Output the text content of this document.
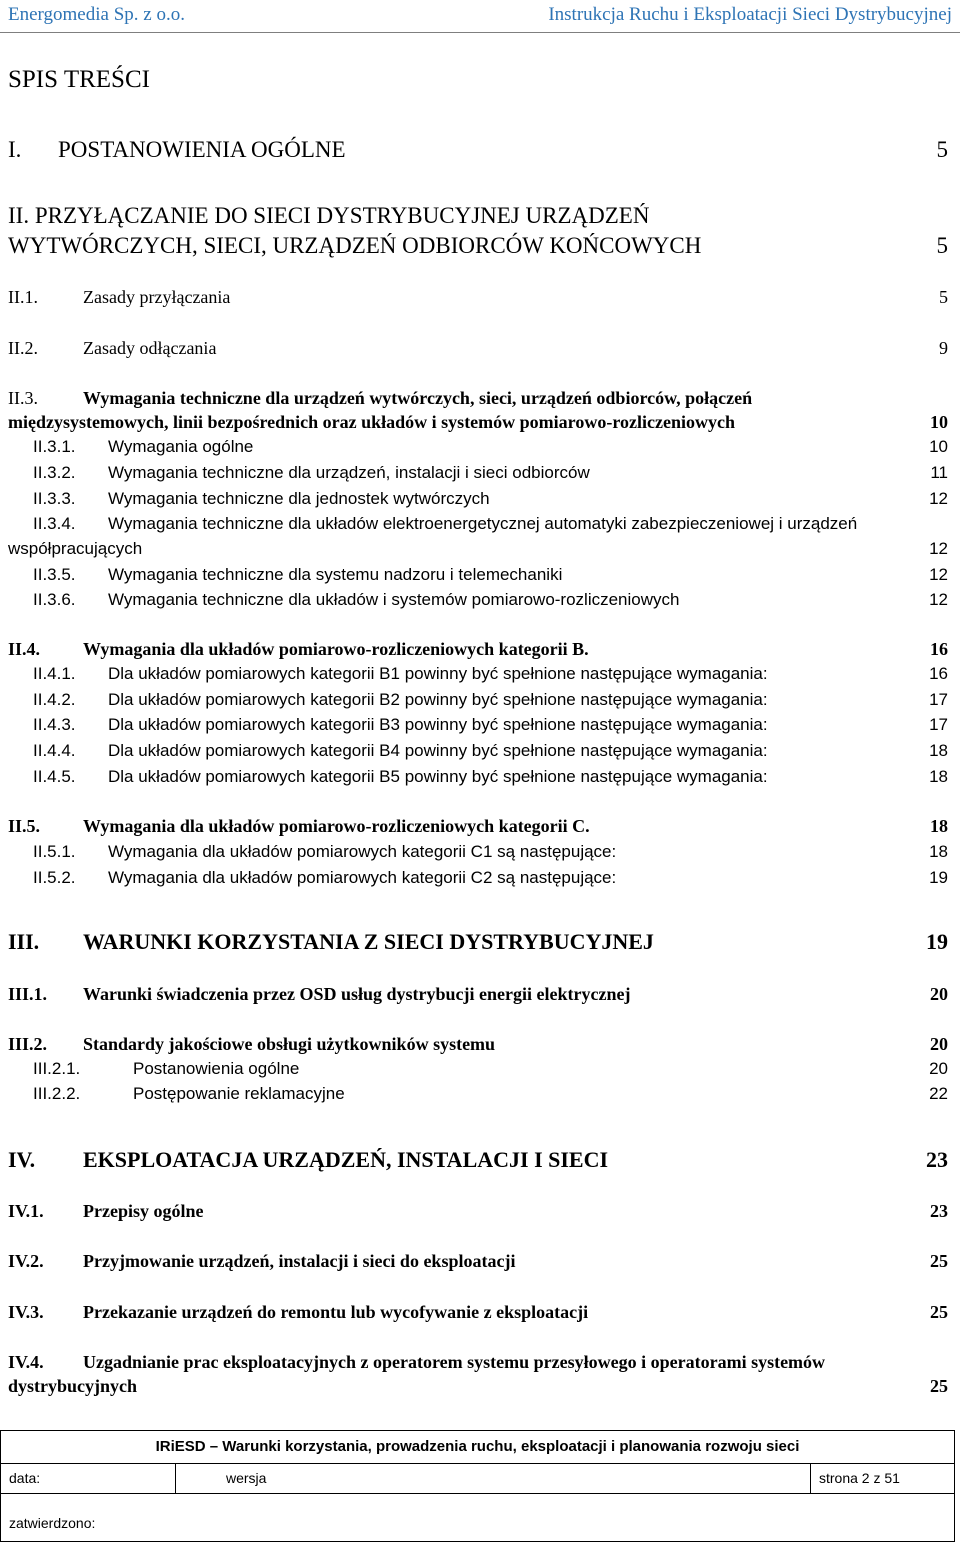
Energomedia Sp. z o.o.	Instrukcja Ruchu i Eksploatacji Sieci Dystrybucyjnej
SPIS TREŚCI
I. POSTANOWIENIA OGÓLNE	5
II. PRZYŁĄCZANIE DO SIECI DYSTRYBUCYJNEJ URZĄDZEŃ
WYTWÓRCZYCH, SIECI, URZĄDZEŃ ODBIORCÓW KOŃCOWYCH	5
II.1.	Zasady przyłączania	5
II.2.	Zasady odłączania	9
II.3.	Wymagania techniczne dla urządzeń wytwórczych, sieci, urządzeń odbiorców, połączeń
międzysystemowych, linii bezpośrednich oraz układów i systemów pomiarowo-rozliczeniowych	10
II.3.1. Wymagania ogólne	10
II.3.2. Wymagania techniczne dla urządzeń, instalacji i sieci odbiorców	11
II.3.3. Wymagania techniczne dla jednostek wytwórczych	12
II.3.4. Wymagania techniczne dla układów elektroenergetycznej automatyki zabezpieczeniowej i urządzeń
współpracujących	12
II.3.5. Wymagania techniczne dla systemu nadzoru i telemechaniki	12
II.3.6. Wymagania techniczne dla układów i systemów pomiarowo-rozliczeniowych	12
II.4. Wymagania dla układów pomiarowo-rozliczeniowych kategorii B.	16
II.4.1. Dla układów pomiarowych kategorii B1 powinny być spełnione następujące wymagania:	16
II.4.2. Dla układów pomiarowych kategorii B2 powinny być spełnione następujące wymagania:	17
II.4.3. Dla układów pomiarowych kategorii B3 powinny być spełnione następujące wymagania:	17
II.4.4. Dla układów pomiarowych kategorii B4 powinny być spełnione następujące wymagania:	18
II.4.5. Dla układów pomiarowych kategorii B5 powinny być spełnione następujące wymagania:	18
II.5. Wymagania dla układów pomiarowo-rozliczeniowych kategorii C.	18
II.5.1. Wymagania dla układów pomiarowych kategorii C1 są następujące:	18
II.5.2. Wymagania dla układów pomiarowych kategorii C2 są następujące:	19
III. WARUNKI KORZYSTANIA Z SIECI DYSTRYBUCYJNEJ	19
III.1. Warunki świadczenia przez OSD usług dystrybucji energii elektrycznej	20
III.2. Standardy jakościowe obsługi użytkowników systemu	20
III.2.1.	Postanowienia ogólne	20
III.2.2.	Postępowanie reklamacyjne	22
IV. EKSPLOATACJA URZĄDZEŃ, INSTALACJI I SIECI	23
IV.1. Przepisy ogólne	23
IV.2. Przyjmowanie urządzeń, instalacji i sieci do eksploatacji	25
IV.3. Przekazanie urządzeń do remontu lub wycofywanie z eksploatacji	25
IV.4. Uzgadnianie prac eksploatacyjnych z operatorem systemu przesyłowego i operatorami systemów
dystrybucyjnych	25
IRiESD – Warunki korzystania, prowadzenia ruchu, eksploatacji i planowania rozwoju sieci
data:	wersja	strona 2 z 51
zatwierdzono:
